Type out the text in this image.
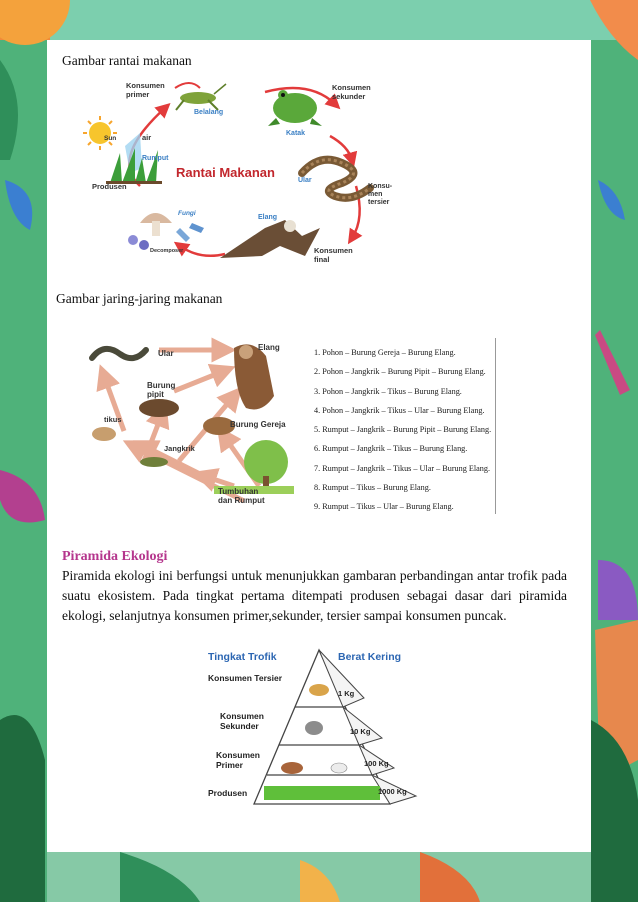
Gambar rantai makanan
Konsumen
primer
Belalang
Konsumen
sekunder
Katak
Sun	air
Rumput
Produsen
Rantai Makanan
Ular
Konsu-
men
tersier
Fungi
Decomposer
Elang
Konsumen
final
Gambar jaring-jaring makanan
Ular
Elang
Burung
pipit
tikus
Burung Gereja
Jangkrik
Tumbuhan
dan Rumput
1. Pohon – Burung Gereja – Burung Elang.
2. Pohon – Jangkrik – Burung Pipit – Burung Elang.
3. Pohon – Jangkrik – Tikus – Burung Elang.
4. Pohon – Jangkrik – Tikus – Ular – Burung Elang.
5. Rumput – Jangkrik – Burung Pipit – Burung Elang.
6. Rumput – Jangkrik – Tikus – Burung Elang.
7. Rumput – Jangkrik – Tikus – Ular – Burung Elang.
8. Rumput – Tikus – Burung Elang.
9. Rumput – Tikus – Ular – Burung Elang.
Piramida Ekologi

Piramida ekologi ini berfungsi untuk menunjukkan gambaran perbandingan antar trofik pada suatu ekosistem. Pada tingkat pertama ditempati produsen sebagai dasar dari piramida ekologi, selanjutnya konsumen primer,sekunder, tersier sampai konsumen puncak.

Tingkat Trofik	Berat Kering
Konsumen Tersier
Konsumen
Sekunder
Konsumen
Primer
Produsen
1 Kg
10 Kg
100 Kg
1000 Kg
